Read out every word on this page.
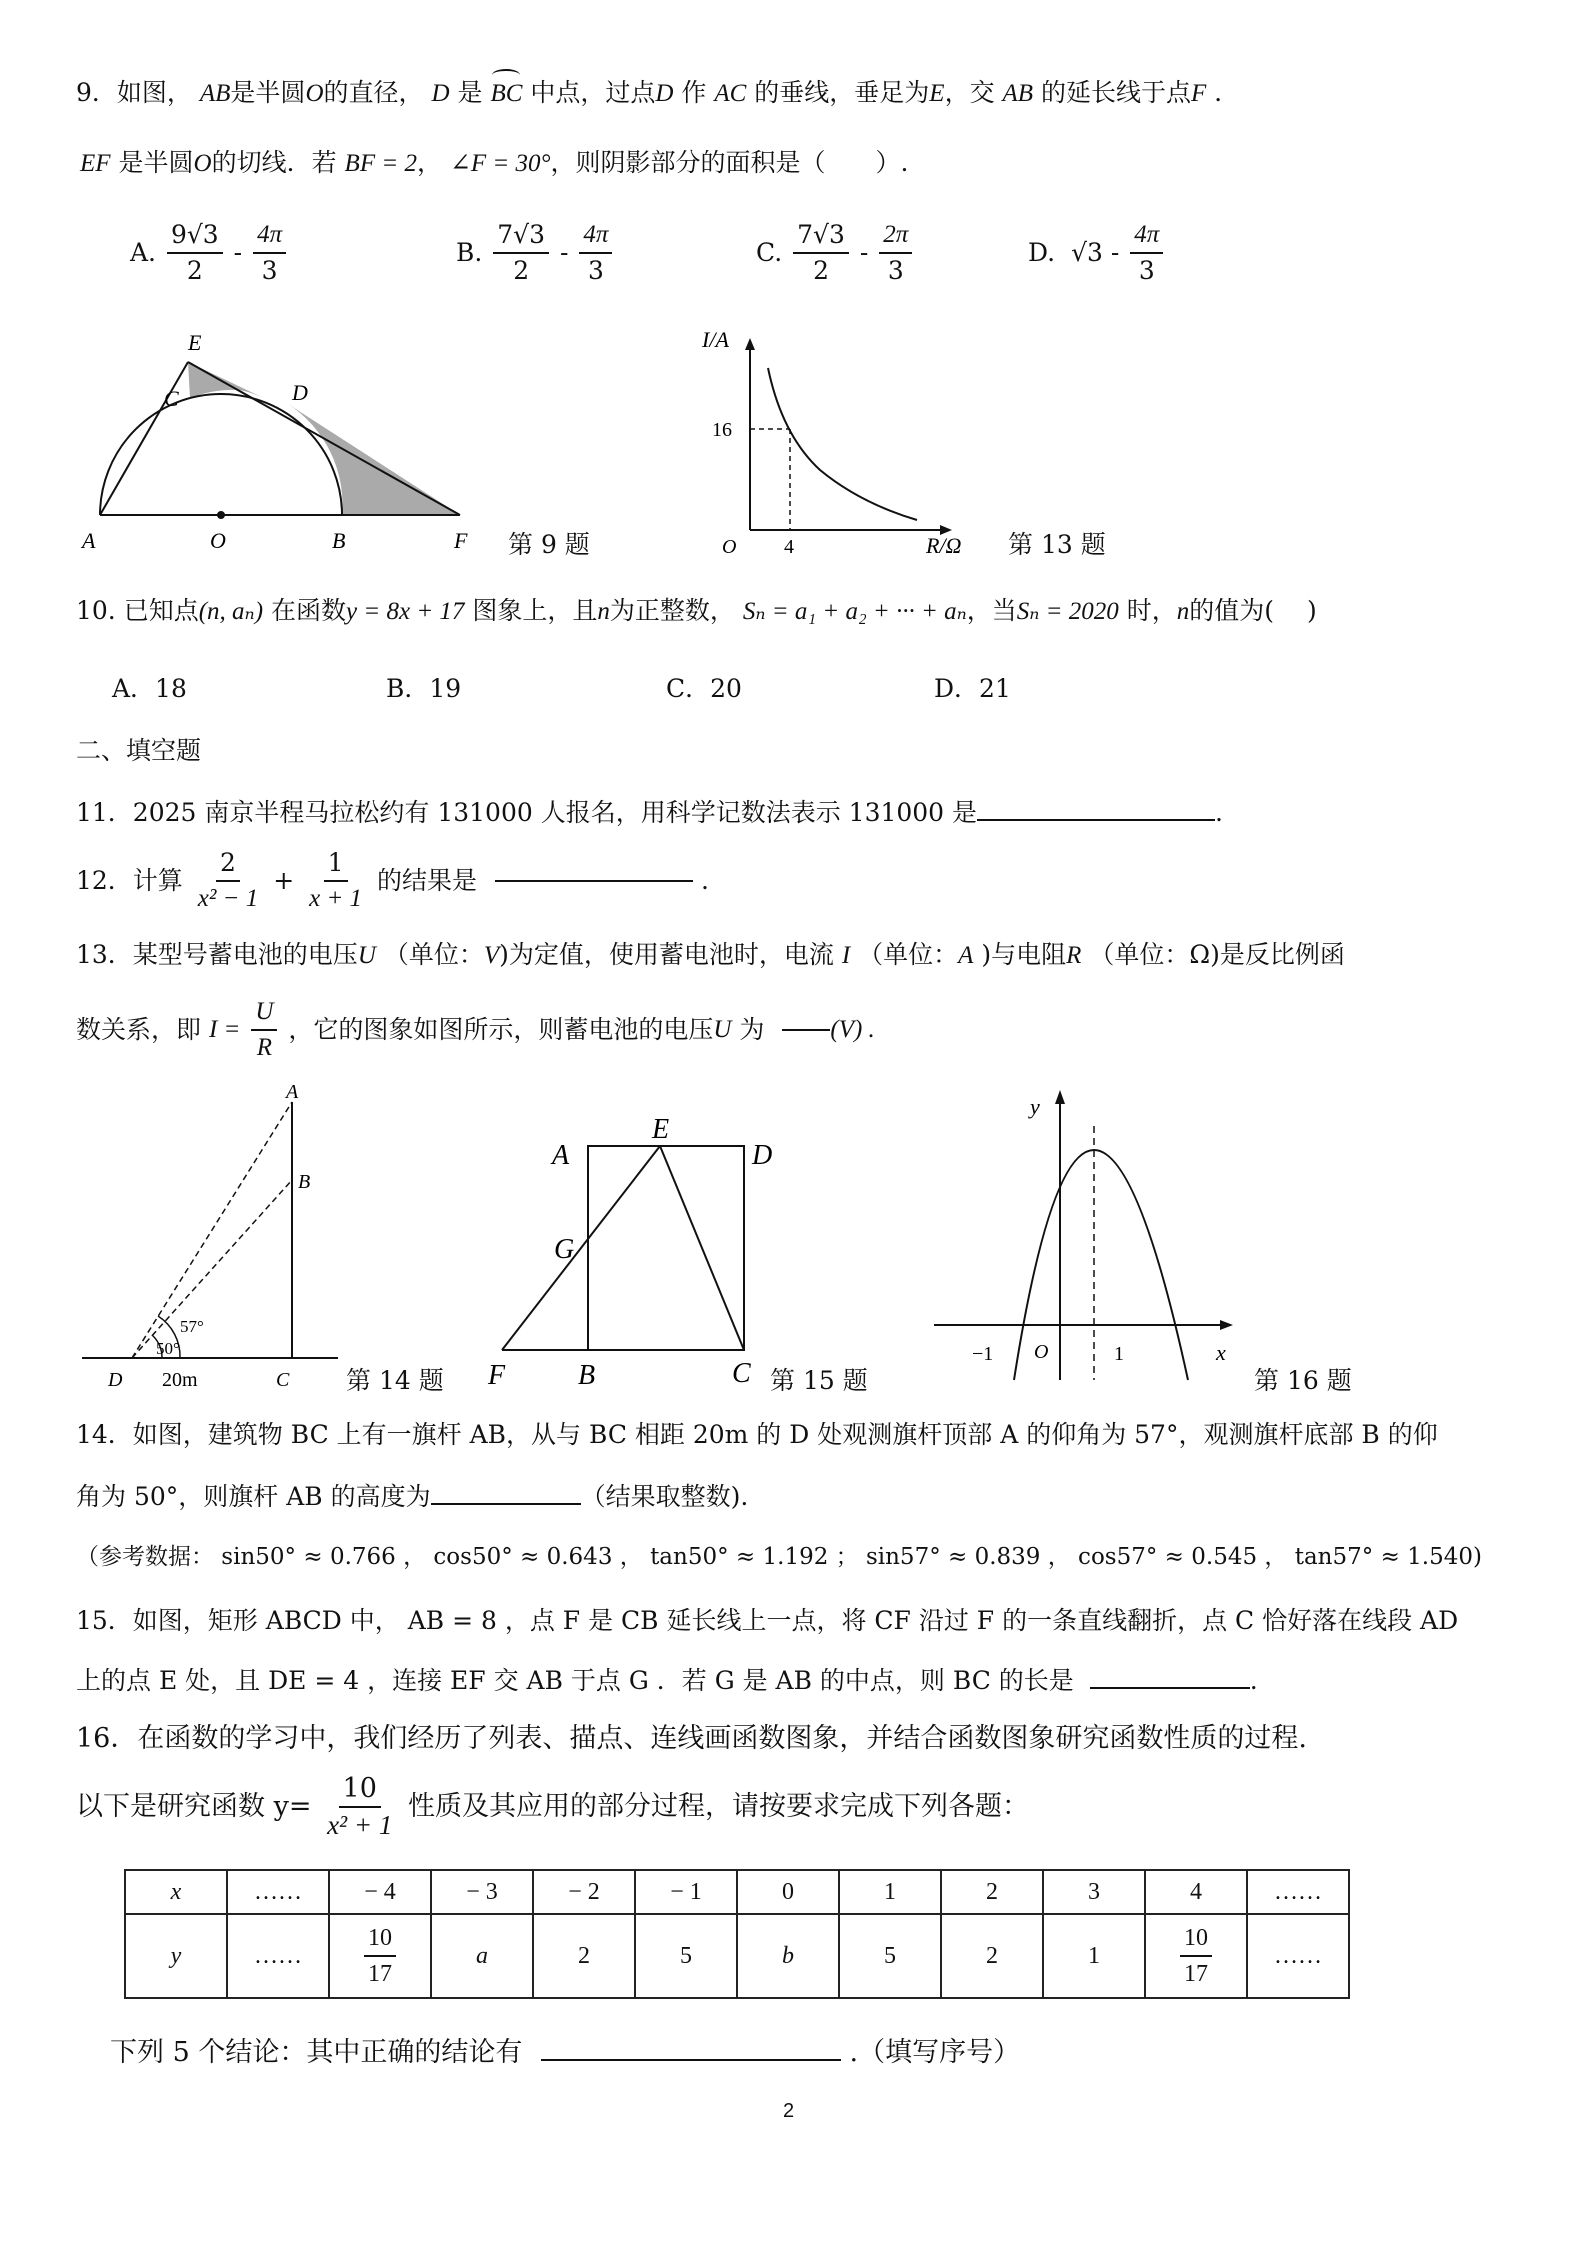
9．如图， AB是半圆O的直径， D 是 BC 中点，过点D 作 AC 的垂线，垂足为E，交 AB 的延长线于点F ．
EF 是半圆O的切线．若 BF = 2， ∠F = 30°，则阴影部分的面积是（　　）.
A. $\frac{9√3}{2} - \frac{4\pi}{3}$	B. $\frac{7√3}{2} - \frac{4\pi}{3}$	C. $\frac{7√3}{2} - \frac{2\pi}{3}$	D. $√3 - \frac{4\pi}{3}$
E
C	D
A	O	B	F 第 9 题
I/A
16
O 4	R/Ω 第 13 题
10. 已知点(n, aₙ) 在函数y = 8x + 17 图象上，且n为正整数， Sₙ = a₁ + a₂ + ··· + aₙ，当Sₙ = 2020 时，n的值为(　 )
A．18	B．19	C．20	D．21
二、填空题
11．2025 南京半程马拉松约有 131000 人报名，用科学记数法表示 131000 是	.
12．计算 $\frac{2}{\text{x² − 1}} + \frac{1}{x + 1}$ 的结果是	.
13．某型号蓄电池的电压U （单位：V)为定值，使用蓄电池时，电流 I （单位：A )与电阻R （单位：Ω)是反比例函
数关系，即 $I = \frac{U}{R}$ ，它的图象如图所示，则蓄电池的电压U 为	(V) .
A
B
C
D 20m
57°
50°
第 14 题
A
E
D
G
F	B	C 第 15 题
y
x
O
−1	1
第 16 题
14．如图，建筑物 BC 上有一旗杆 AB，从与 BC 相距 20m 的 D 处观测旗杆顶部 A 的仰角为 57°，观测旗杆底部 B 的仰
角为 50°，则旗杆 AB 的高度为	（结果取整数).
（参考数据： sin50° ≈ 0.766 ， cos50° ≈ 0.643 ， tan50° ≈ 1.192 ； sin57° ≈ 0.839 ， cos57° ≈ 0.545 ， tan57° ≈ 1.540)
15．如图，矩形 ABCD 中， AB = 8 ，点 F 是 CB 延长线上一点，将 CF 沿过 F 的一条直线翻折，点 C 恰好落在线段 AD
上的点 E 处，且 DE = 4 ，连接 EF 交 AB 于点 G ．若 G 是 AB 的中点，则 BC 的长是	.
16．在函数的学习中，我们经历了列表、描点、连线画函数图象，并结合函数图象研究函数性质的过程.
以下是研究函数 $y= \frac{10}{\text{x² + 1}}$ 性质及其应用的部分过程，请按要求完成下列各题：
x	……	− 4	− 3	− 2	− 1	0	1	2	3	4	……
y	……	$\frac{10}{17}$	a	2	5	b	5	2	1	$\frac{10}{17}$	……
下列 5 个结论：其中正确的结论有	.（填写序号）
2
